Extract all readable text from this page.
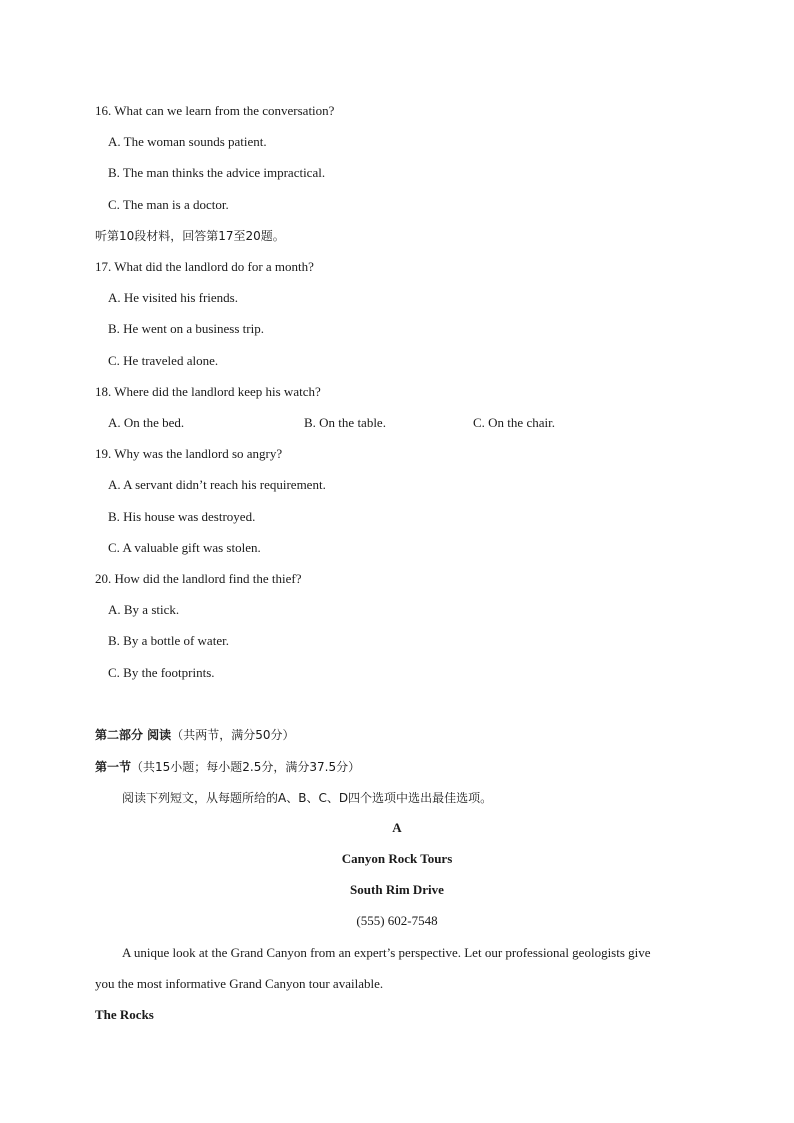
16. What can we learn from the conversation?
A. The woman sounds patient.
B. The man thinks the advice impractical.
C. The man is a doctor.
听第10段材料，回答第17至20题。
17. What did the landlord do for a month?
A. He visited his friends.
B. He went on a business trip.
C. He traveled alone.
18. Where did the landlord keep his watch?
A. On the bed.	B. On the table.	C. On the chair.
19. Why was the landlord so angry?
A. A servant didn’t reach his requirement.
B. His house was destroyed.
C. A valuable gift was stolen.
20. How did the landlord find the thief?
A. By a stick.
B. By a bottle of water.
C. By the footprints.
第二部分 阅读（共两节，满分50分）
第一节（共15小题；每小题2.5分，满分37.5分）
阅读下列短文，从每题所给的A、B、C、D四个选项中选出最佳选项。
A
Canyon Rock Tours
South Rim Drive
(555) 602-7548
A unique look at the Grand Canyon from an expert’s perspective. Let our professional geologists give
you the most informative Grand Canyon tour available.
The Rocks
